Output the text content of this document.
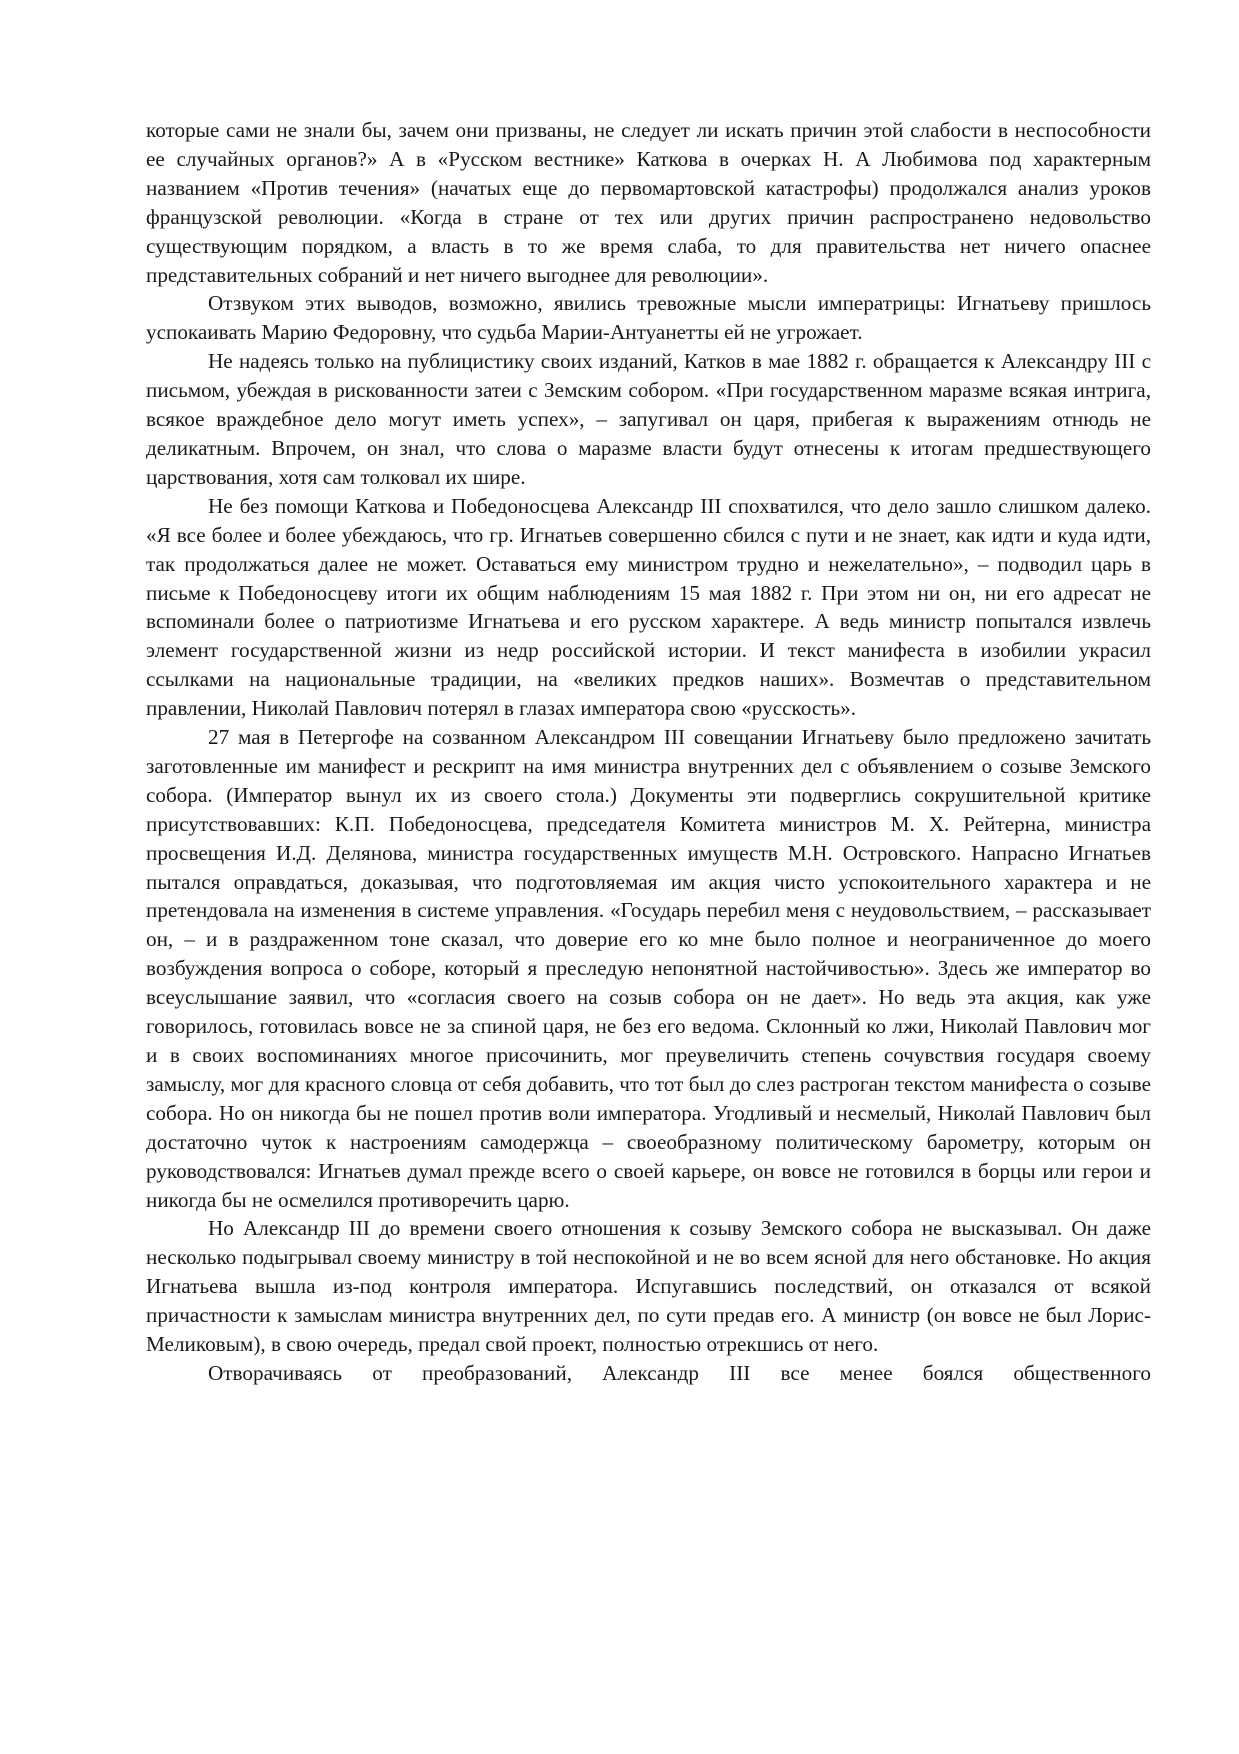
которые сами не знали бы, зачем они призваны, не следует ли искать причин этой слабости в неспособности ее случайных органов?» А в «Русском вестнике» Каткова в очерках Н. А Любимова под характерным названием «Против течения» (начатых еще до первомартовской катастрофы) продолжался анализ уроков французской революции. «Когда в стране от тех или других причин распространено недовольство существующим порядком, а власть в то же время слаба, то для правительства нет ничего опаснее представительных собраний и нет ничего выгоднее для революции».

Отзвуком этих выводов, возможно, явились тревожные мысли императрицы: Игнатьеву пришлось успокаивать Марию Федоровну, что судьба Марии-Антуанетты ей не угрожает.

Не надеясь только на публицистику своих изданий, Катков в мае 1882 г. обращается к Александру III с письмом, убеждая в рискованности затеи с Земским собором. «При государственном маразме всякая интрига, всякое враждебное дело могут иметь успех», – запугивал он царя, прибегая к выражениям отнюдь не деликатным. Впрочем, он знал, что слова о маразме власти будут отнесены к итогам предшествующего царствования, хотя сам толковал их шире.

Не без помощи Каткова и Победоносцева Александр III спохватился, что дело зашло слишком далеко. «Я все более и более убеждаюсь, что гр. Игнатьев совершенно сбился с пути и не знает, как идти и куда идти, так продолжаться далее не может. Оставаться ему министром трудно и нежелательно», – подводил царь в письме к Победоносцеву итоги их общим наблюдениям 15 мая 1882 г. При этом ни он, ни его адресат не вспоминали более о патриотизме Игнатьева и его русском характере. А ведь министр попытался извлечь элемент государственной жизни из недр российской истории. И текст манифеста в изобилии украсил ссылками на национальные традиции, на «великих предков наших». Возмечтав о представительном правлении, Николай Павлович потерял в глазах императора свою «русскость».

27 мая в Петергофе на созванном Александром III совещании Игнатьеву было предложено зачитать заготовленные им манифест и рескрипт на имя министра внутренних дел с объявлением о созыве Земского собора. (Император вынул их из своего стола.) Документы эти подверглись сокрушительной критике присутствовавших: К.П. Победоносцева, председателя Комитета министров М. Х. Рейтерна, министра просвещения И.Д. Делянова, министра государственных имуществ М.Н. Островского. Напрасно Игнатьев пытался оправдаться, доказывая, что подготовляемая им акция чисто успокоительного характера и не претендовала на изменения в системе управления. «Государь перебил меня с неудовольствием, – рассказывает он, – и в раздраженном тоне сказал, что доверие его ко мне было полное и неограниченное до моего возбуждения вопроса о соборе, который я преследую непонятной настойчивостью». Здесь же император во всеуслышание заявил, что «согласия своего на созыв собора он не дает». Но ведь эта акция, как уже говорилось, готовилась вовсе не за спиной царя, не без его ведома. Склонный ко лжи, Николай Павлович мог и в своих воспоминаниях многое присочинить, мог преувеличить степень сочувствия государя своему замыслу, мог для красного словца от себя добавить, что тот был до слез растроган текстом манифеста о созыве собора. Но он никогда бы не пошел против воли императора. Угодливый и несмелый, Николай Павлович был достаточно чуток к настроениям самодержца – своеобразному политическому барометру, которым он руководствовался: Игнатьев думал прежде всего о своей карьере, он вовсе не готовился в борцы или герои и никогда бы не осмелился противоречить царю.

Но Александр III до времени своего отношения к созыву Земского собора не высказывал. Он даже несколько подыгрывал своему министру в той неспокойной и не во всем ясной для него обстановке. Но акция Игнатьева вышла из-под контроля императора. Испугавшись последствий, он отказался от всякой причастности к замыслам министра внутренних дел, по сути предав его. А министр (он вовсе не был Лорис-Меликовым), в свою очередь, предал свой проект, полностью отрекшись от него.

Отворачиваясь от преобразований, Александр III все менее боялся общественного
